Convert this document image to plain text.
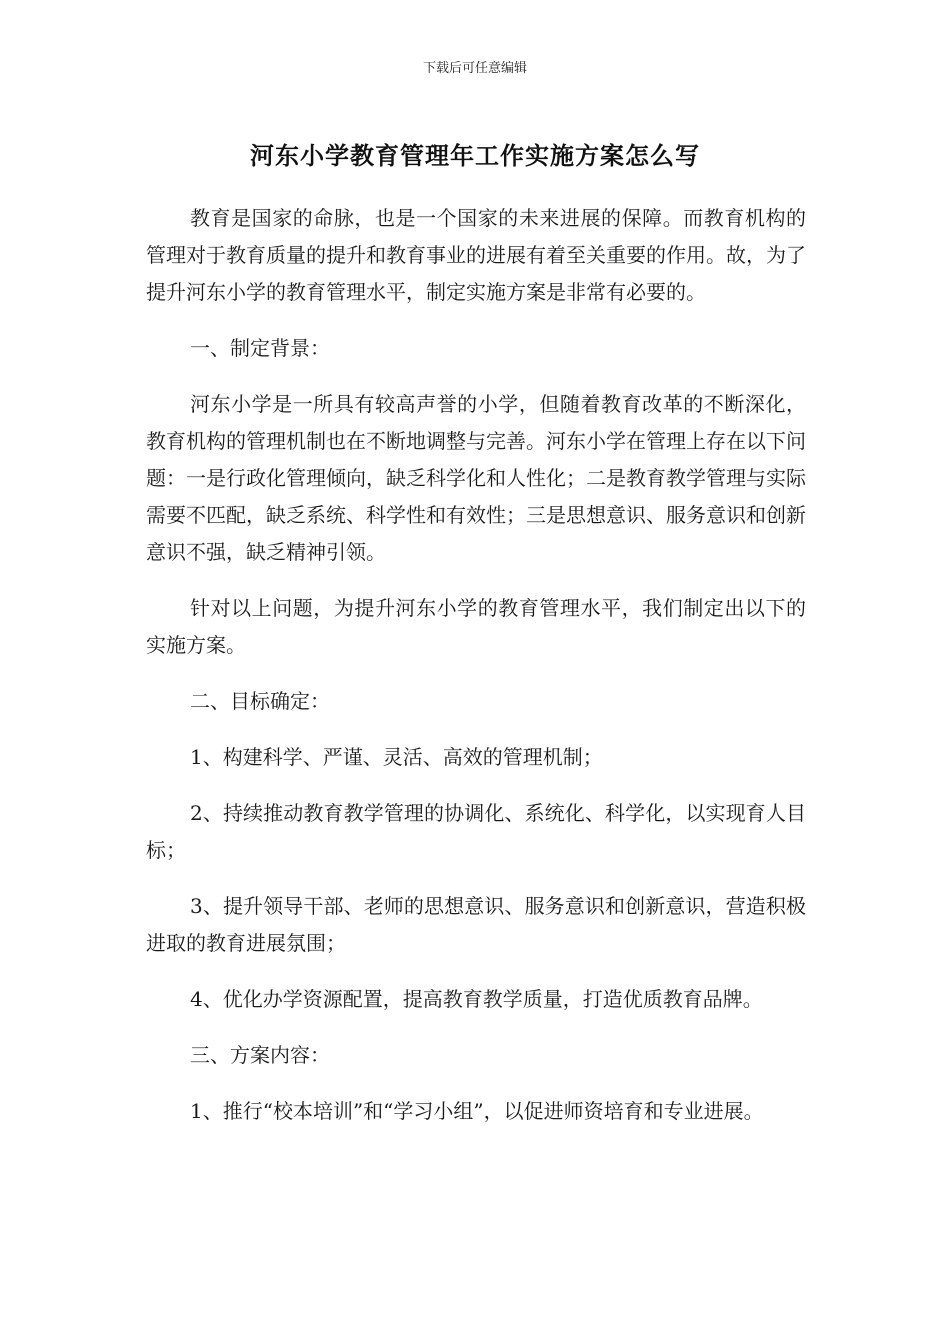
下载后可任意编辑
河东小学教育管理年工作实施方案怎么写

教育是国家的命脉，也是一个国家的未来进展的保障。而教育机构的管理对于教育质量的提升和教育事业的进展有着至关重要的作用。故，为了提升河东小学的教育管理水平，制定实施方案是非常有必要的。

一、制定背景：

河东小学是一所具有较高声誉的小学，但随着教育改革的不断深化，教育机构的管理机制也在不断地调整与完善。河东小学在管理上存在以下问题：一是行政化管理倾向，缺乏科学化和人性化；二是教育教学管理与实际需要不匹配，缺乏系统、科学性和有效性；三是思想意识、服务意识和创新意识不强，缺乏精神引领。

针对以上问题，为提升河东小学的教育管理水平，我们制定出以下的实施方案。

二、目标确定：

1、构建科学、严谨、灵活、高效的管理机制；

2、持续推动教育教学管理的协调化、系统化、科学化，以实现育人目标；

3、提升领导干部、老师的思想意识、服务意识和创新意识，营造积极进取的教育进展氛围；

4、优化办学资源配置，提高教育教学质量，打造优质教育品牌。

三、方案内容：

1、推行“校本培训”和“学习小组”，以促进师资培育和专业进展。
